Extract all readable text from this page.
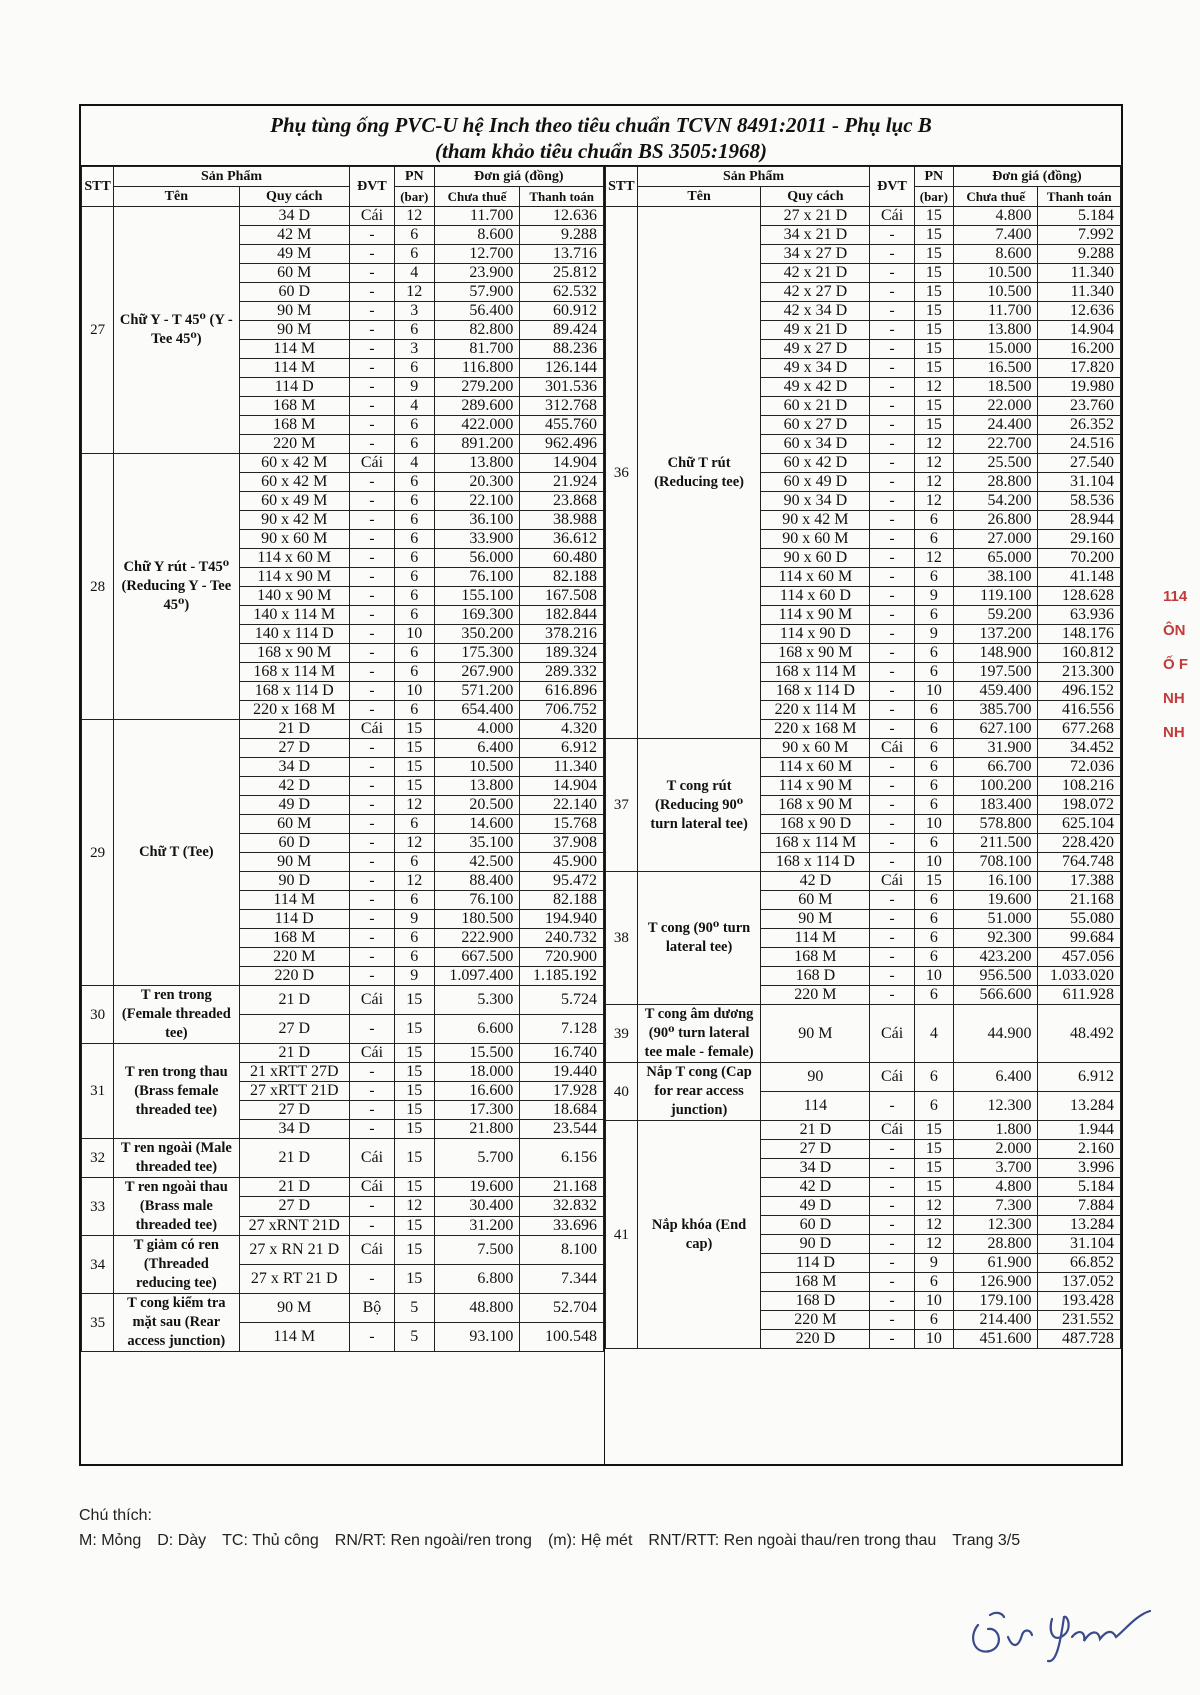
Phụ tùng ống PVC-U hệ Inch theo tiêu chuẩn TCVN 8491:2011 - Phụ lục B
(tham khảo tiêu chuẩn BS 3505:1968)
STT	Sản Phẩm		ĐVT	PN	Đơn giá (đồng)	
	Tên	Quy cách		(bar)	Chưa thuế	Thanh toán
27	Chữ Y - T 45⁰ (Y - Tee 45⁰)	34 D	Cái	12	11.700	12.636
		42 M	-	6	8.600	9.288
		49 M	-	6	12.700	13.716
		60 M	-	4	23.900	25.812
		60 D	-	12	57.900	62.532
		90 M	-	3	56.400	60.912
		90 M	-	6	82.800	89.424
		114 M	-	3	81.700	88.236
		114 M	-	6	116.800	126.144
		114 D	-	9	279.200	301.536
		168 M	-	4	289.600	312.768
		168 M	-	6	422.000	455.760
		220 M	-	6	891.200	962.496
28	Chữ Y rút - T45⁰ (Reducing Y - Tee 45⁰)	60 x 42 M	Cái	4	13.800	14.904
		60 x 42 M	-	6	20.300	21.924
		60 x 49 M	-	6	22.100	23.868
		90 x 42 M	-	6	36.100	38.988
		90 x 60 M	-	6	33.900	36.612
		114 x 60 M	-	6	56.000	60.480
		114 x 90 M	-	6	76.100	82.188
		140 x 90 M	-	6	155.100	167.508
		140 x 114 M	-	6	169.300	182.844
		140 x 114 D	-	10	350.200	378.216
		168 x 90 M	-	6	175.300	189.324
		168 x 114 M	-	6	267.900	289.332
		168 x 114 D	-	10	571.200	616.896
		220 x 168 M	-	6	654.400	706.752
29	Chữ T (Tee)	21 D	Cái	15	4.000	4.320
		27 D	-	15	6.400	6.912
		34 D	-	15	10.500	11.340
		42 D	-	15	13.800	14.904
		49 D	-	12	20.500	22.140
		60 M	-	6	14.600	15.768
		60 D	-	12	35.100	37.908
		90 M	-	6	42.500	45.900
		90 D	-	12	88.400	95.472
		114 M	-	6	76.100	82.188
		114 D	-	9	180.500	194.940
		168 M	-	6	222.900	240.732
		220 M	-	6	667.500	720.900
		220 D	-	9	1.097.400	1.185.192
30	T ren trong (Female threaded tee)	21 D	Cái	15	5.300	5.724
		27 D	-	15	6.600	7.128
31	T ren trong thau (Brass female threaded tee)	21 D	Cái	15	15.500	16.740
		21 xRTT 27D	-	15	18.000	19.440
		27 xRTT 21D	-	15	16.600	17.928
		27 D	-	15	17.300	18.684
		34 D	-	15	21.800	23.544
32	T ren ngoài (Male threaded tee)	21 D	Cái	15	5.700	6.156
33	T ren ngoài thau (Brass male threaded tee)	21 D	Cái	15	19.600	21.168
		27 D	-	12	30.400	32.832
		27 xRNT 21D	-	15	31.200	33.696
34	T giảm có ren (Threaded reducing tee)	27 x RN 21 D	Cái	15	7.500	8.100
		27 x RT 21 D	-	15	6.800	7.344
35	T cong kiểm tra mặt sau (Rear access junction)	90 M	Bộ	5	48.800	52.704
		114 M	-	5	93.100	100.548
STT	Sản Phẩm		ĐVT	PN	Đơn giá (đồng)	
	Tên	Quy cách		(bar)	Chưa thuế	Thanh toán
36	Chữ T rút (Reducing tee)	27 x 21 D	Cái	15	4.800	5.184
		34 x 21 D	-	15	7.400	7.992
		34 x 27 D	-	15	8.600	9.288
		42 x 21 D	-	15	10.500	11.340
		42 x 27 D	-	15	10.500	11.340
		42 x 34 D	-	15	11.700	12.636
		49 x 21 D	-	15	13.800	14.904
		49 x 27 D	-	15	15.000	16.200
		49 x 34 D	-	15	16.500	17.820
		49 x 42 D	-	12	18.500	19.980
		60 x 21 D	-	15	22.000	23.760
		60 x 27 D	-	15	24.400	26.352
		60 x 34 D	-	12	22.700	24.516
		60 x 42 D	-	12	25.500	27.540
		60 x 49 D	-	12	28.800	31.104
		90 x 34 D	-	12	54.200	58.536
		90 x 42 M	-	6	26.800	28.944
		90 x 60 M	-	6	27.000	29.160
		90 x 60 D	-	12	65.000	70.200
		114 x 60 M	-	6	38.100	41.148
		114 x 60 D	-	9	119.100	128.628
		114 x 90 M	-	6	59.200	63.936
		114 x 90 D	-	9	137.200	148.176
		168 x 90 M	-	6	148.900	160.812
		168 x 114 M	-	6	197.500	213.300
		168 x 114 D	-	10	459.400	496.152
		220 x 114 M	-	6	385.700	416.556
		220 x 168 M	-	6	627.100	677.268
37	T cong rút (Reducing 90⁰ turn lateral tee)	90 x 60 M	Cái	6	31.900	34.452
		114 x 60 M	-	6	66.700	72.036
		114 x 90 M	-	6	100.200	108.216
		168 x 90 M	-	6	183.400	198.072
		168 x 90 D	-	10	578.800	625.104
		168 x 114 M	-	6	211.500	228.420
		168 x 114 D	-	10	708.100	764.748
38	T cong (90⁰ turn lateral tee)	42 D	Cái	15	16.100	17.388
		60 M	-	6	19.600	21.168
		90 M	-	6	51.000	55.080
		114 M	-	6	92.300	99.684
		168 M	-	6	423.200	457.056
		168 D	-	10	956.500	1.033.020
		220 M	-	6	566.600	611.928
39	T cong âm dương (90⁰ turn lateral tee male - female)	90 M	Cái	4	44.900	48.492
40	Nắp T cong (Cap for rear access junction)	90	Cái	6	6.400	6.912
		114	-	6	12.300	13.284
41	Nắp khóa (End cap)	21 D	Cái	15	1.800	1.944
		27 D	-	15	2.000	2.160
		34 D	-	15	3.700	3.996
		42 D	-	15	4.800	5.184
		49 D	-	12	7.300	7.884
		60 D	-	12	12.300	13.284
		90 D	-	12	28.800	31.104
		114 D	-	9	61.900	66.852
		168 M	-	6	126.900	137.052
		168 D	-	10	179.100	193.428
		220 M	-	6	214.400	231.552
		220 D	-	10	451.600	487.728
Chú thích:
M: Mỏng D: Dày TC: Thủ công RN/RT: Ren ngoài/ren trong (m): Hệ mét RNT/RTT: Ren ngoài thau/ren trong thau Trang 3/5
114
ÔN
Ố F
NH
NH
